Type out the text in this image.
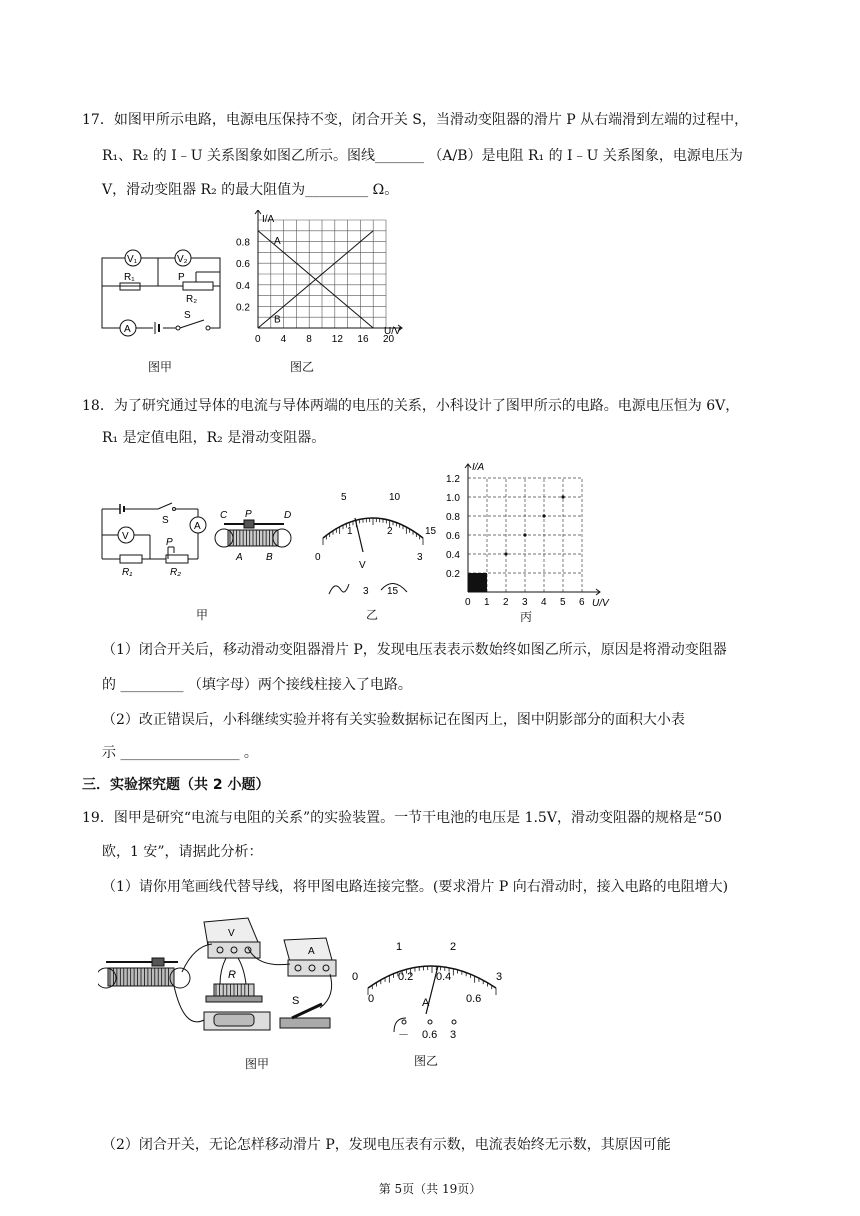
17．如图甲所示电路，电源电压保持不变，闭合开关 S，当滑动变阻器的滑片 P 从右端滑到左端的过程中，
R₁、R₂ 的 I﹣U 关系图象如图乙所示。图线_______ （A/B）是电阻 R₁ 的 I﹣U 关系图象，电源电压为
V，滑动变阻器 R₂ 的最大阻值为_________ Ω。
V₁	V₂
R₁	P
R₂
A
S
图甲
A
B
I/A
U/V
0 4 8 12 16 20
0.2
0.4
0.6
0.8
图乙
18．为了研究通过导体的电流与导体两端的电压的关系，小科设计了图甲所示的电路。电源电压恒为 6V，
R₁ 是定值电阻，R₂ 是滑动变阻器。
S
V
A
P
R₁	R₂
C P	D
A B
甲
5	10
15
0
1	2
3
V
3 15
乙
0 1 2 3 4 5 6
0.2
0.4
0.6
0.8
1.0
1.2
I/A
U/V
丙
（1）闭合开关后，移动滑动变阻器滑片 P，发现电压表表示数始终如图乙所示，原因是将滑动变阻器
的 _________ （填字母）两个接线柱接入了电路。
（2）改正错误后，小科继续实验并将有关实验数据标记在图丙上，图中阴影部分的面积大小表
示 _________________ 。
三．实验探究题（共 2 小题）
19．图甲是研究“电流与电阻的关系”的实验装置。一节干电池的电压是 1.5V，滑动变阻器的规格是“50
欧，1 安”，请据此分析：
（1）请你用笔画线代替导线，将甲图电路连接完整。(要求滑片 P 向右滑动时，接入电路的电阻增大)
V
A
R
S
图甲
0
1	2
3
0
0.2 0.4
0.6
A
－ 0.6 3
图乙
（2）闭合开关，无论怎样移动滑片 P，发现电压表有示数，电流表始终无示数，其原因可能
第 5页（共 19页）
